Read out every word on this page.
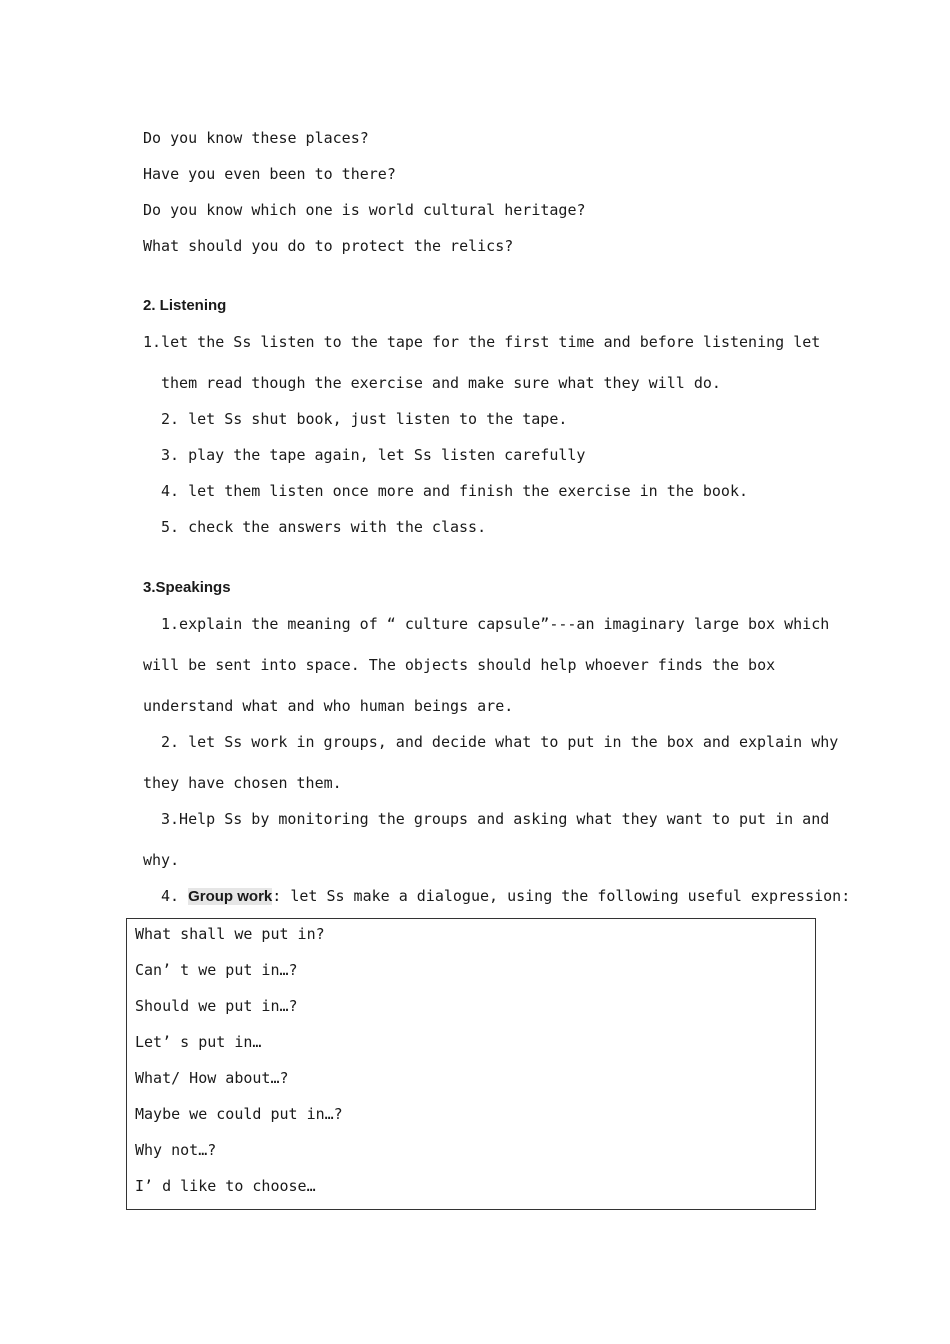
Do you know these places?
Have you even been to there?
Do you know which one is world cultural heritage?
What should you do to protect the relics?
2. Listening
1.let the Ss listen to the tape for the first time and before listening let
them read though the exercise and make sure what they will do.
2. let Ss shut book, just listen to the tape.
3. play the tape again, let Ss listen carefully
4. let them listen once more and finish the exercise in the book.
5. check the answers with the class.
3.Speakings
1.explain the meaning of “ culture capsule”---an imaginary large box which
will be sent into space. The objects should help whoever finds the box
understand what and who human beings are.
2. let Ss work in groups, and decide what to put in the box and explain why
they have chosen them.
3.Help Ss by monitoring the groups and asking what they want to put in and
why.
4. Group work: let Ss make a dialogue, using the following useful expression:
What shall we put in?
Can’ t we put in…?
Should we put in…?
Let’ s put in…
What/ How about…?
Maybe we could put in…?
Why not…?
I’ d like to choose…
